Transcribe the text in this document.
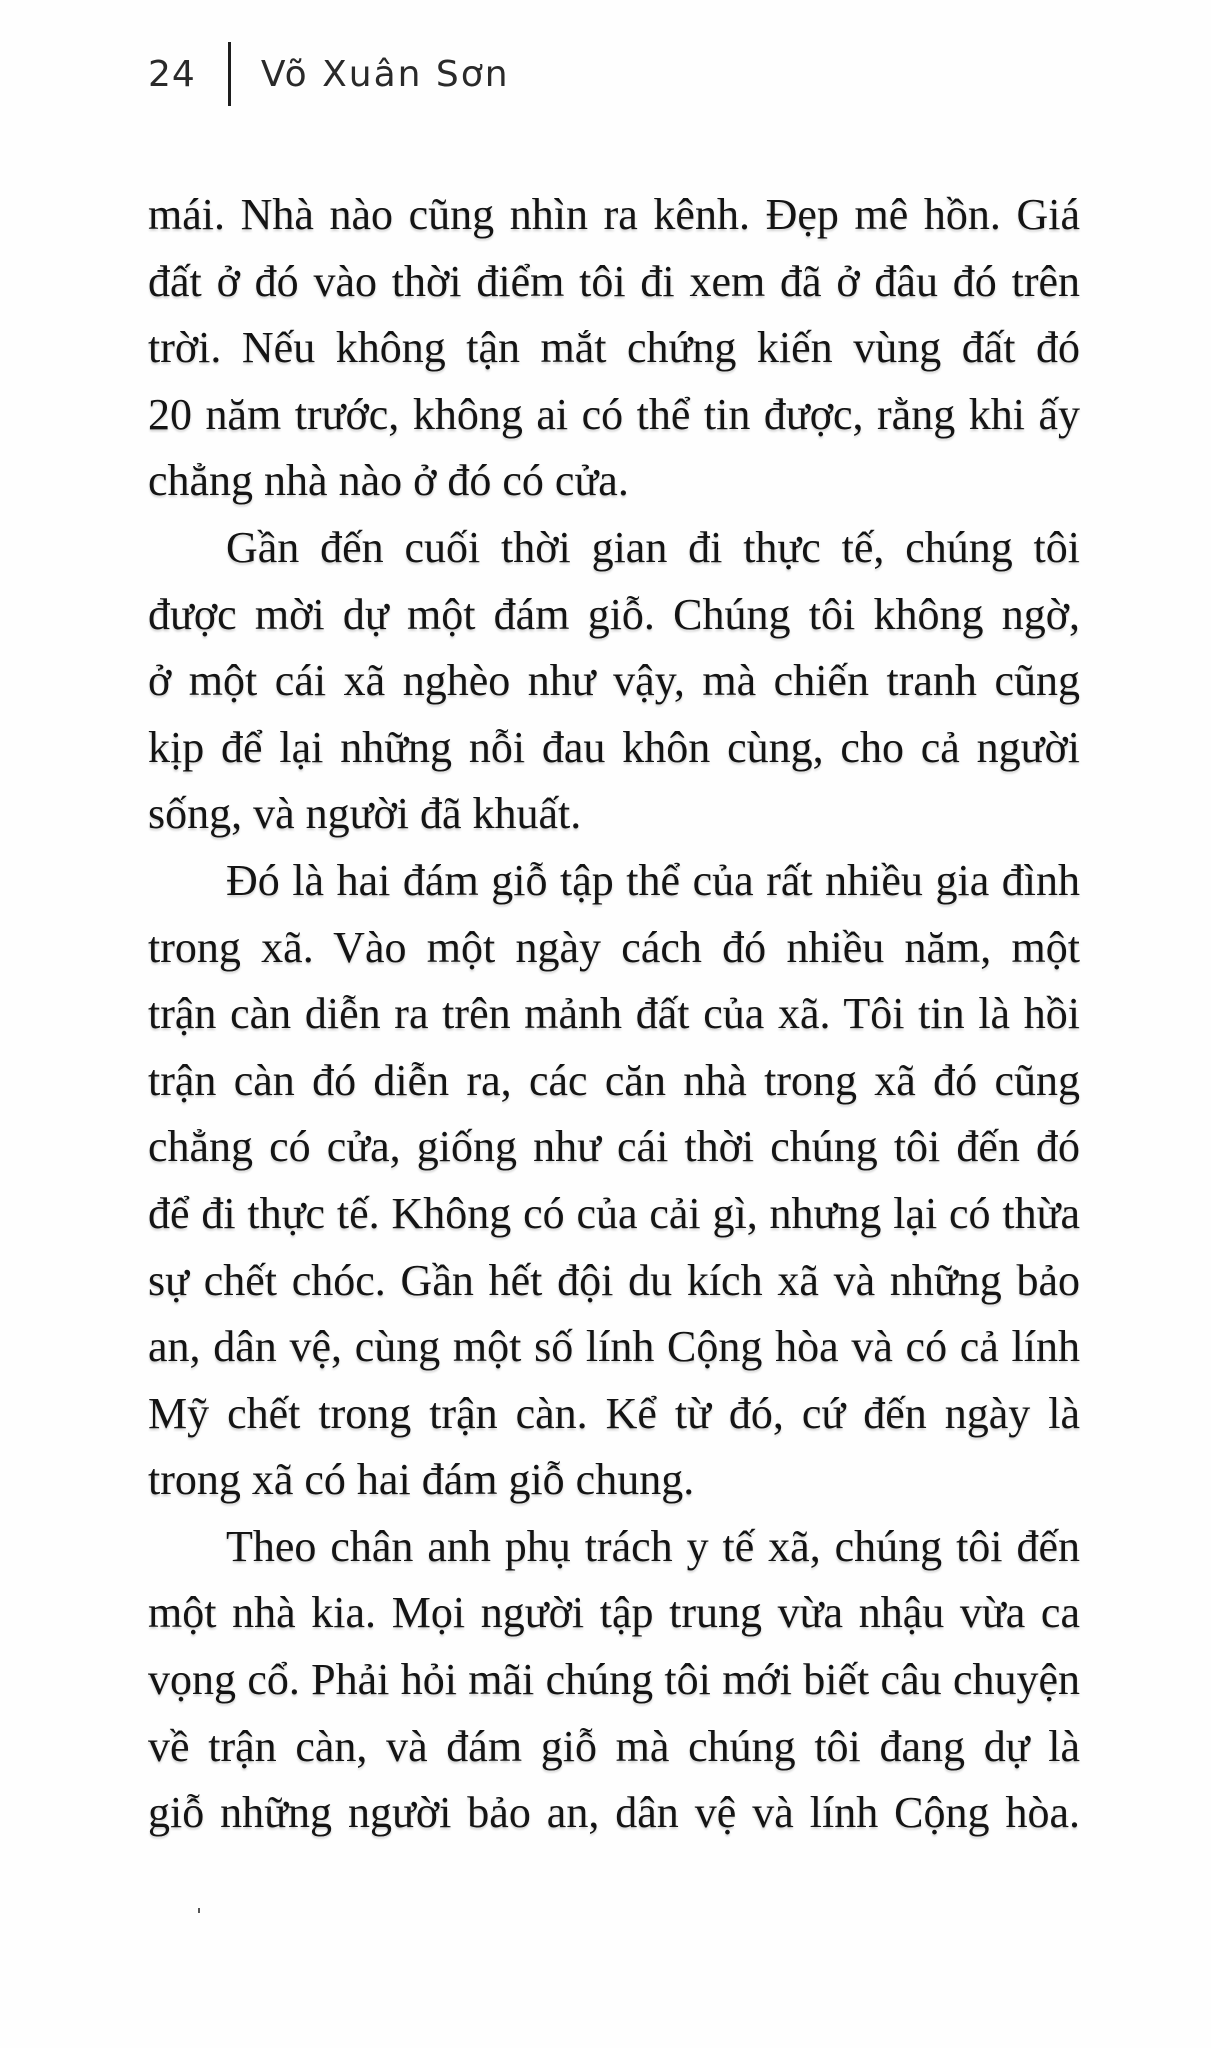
24 Võ Xuân Sơn

mái. Nhà nào cũng nhìn ra kênh. Đẹp mê hồn. Giá
đất ở đó vào thời điểm tôi đi xem đã ở đâu đó trên
trời. Nếu không tận mắt chứng kiến vùng đất đó
20 năm trước, không ai có thể tin được, rằng khi ấy
chẳng nhà nào ở đó có cửa.

Gần đến cuối thời gian đi thực tế, chúng tôi
được mời dự một đám giỗ. Chúng tôi không ngờ,
ở một cái xã nghèo như vậy, mà chiến tranh cũng
kịp để lại những nỗi đau khôn cùng, cho cả người
sống, và người đã khuất.

Đó là hai đám giỗ tập thể của rất nhiều gia đình
trong xã. Vào một ngày cách đó nhiều năm, một
trận càn diễn ra trên mảnh đất của xã. Tôi tin là hồi
trận càn đó diễn ra, các căn nhà trong xã đó cũng
chẳng có cửa, giống như cái thời chúng tôi đến đó
để đi thực tế. Không có của cải gì, nhưng lại có thừa
sự chết chóc. Gần hết đội du kích xã và những bảo
an, dân vệ, cùng một số lính Cộng hòa và có cả lính
Mỹ chết trong trận càn. Kể từ đó, cứ đến ngày là
trong xã có hai đám giỗ chung.

Theo chân anh phụ trách y tế xã, chúng tôi đến
một nhà kia. Mọi người tập trung vừa nhậu vừa ca
vọng cổ. Phải hỏi mãi chúng tôi mới biết câu chuyện
về trận càn, và đám giỗ mà chúng tôi đang dự là
giỗ những người bảo an, dân vệ và lính Cộng hòa.
